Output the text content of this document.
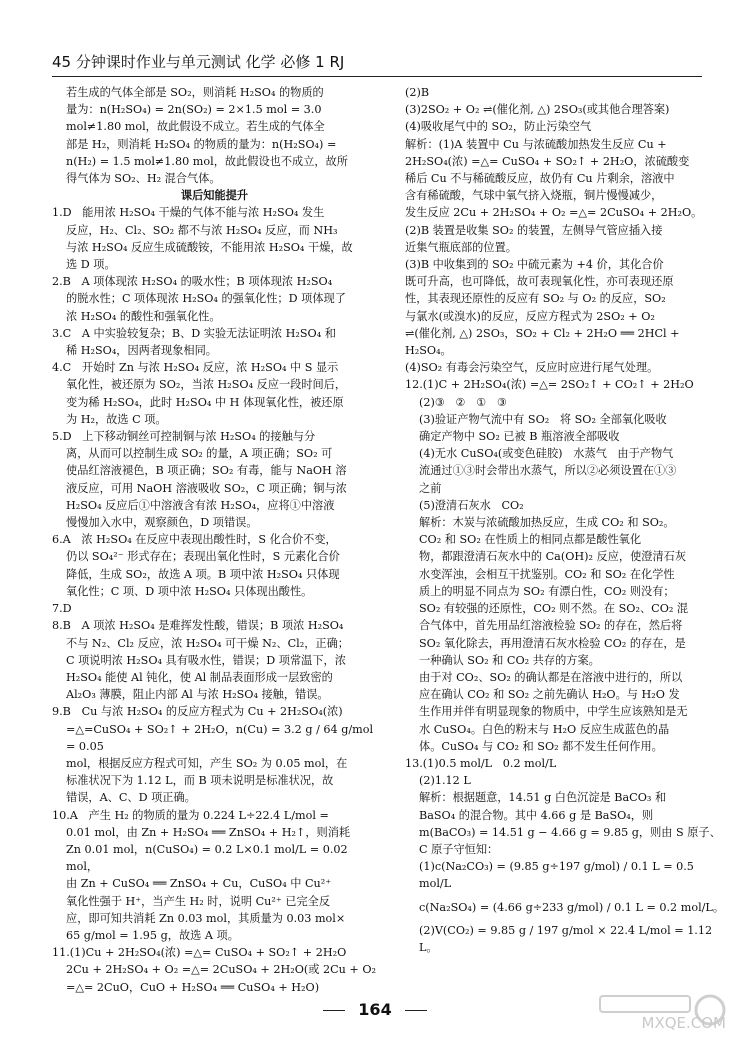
45 分钟课时作业与单元测试 化学 必修 1 RJ
若生成的气体全部是 SO₂，则消耗 H₂SO₄ 的物质的
量为：n(H₂SO₄) = 2n(SO₂) = 2×1.5 mol = 3.0
mol≠1.80 mol，故此假设不成立。若生成的气体全
部是 H₂，则消耗 H₂SO₄ 的物质的量为：n(H₂SO₄) =
n(H₂) = 1.5 mol≠1.80 mol，故此假设也不成立，故所
得气体为 SO₂、H₂ 混合气体。
课后知能提升
1.D   能用浓 H₂SO₄ 干燥的气体不能与浓 H₂SO₄ 发生
反应，H₂、Cl₂、SO₂ 都不与浓 H₂SO₄ 反应，而 NH₃
与浓 H₂SO₄ 反应生成硫酸铵，不能用浓 H₂SO₄ 干燥，故
选 D 项。
2.B   A 项体现浓 H₂SO₄ 的吸水性；B 项体现浓 H₂SO₄
的脱水性；C 项体现浓 H₂SO₄ 的强氧化性；D 项体现了
浓 H₂SO₄ 的酸性和强氧化性。
3.C   A 中实验较复杂；B、D 实验无法证明浓 H₂SO₄ 和
稀 H₂SO₄，因两者现象相同。
4.C   开始时 Zn 与浓 H₂SO₄ 反应，浓 H₂SO₄ 中 S 显示
氧化性，被还原为 SO₂，当浓 H₂SO₄ 反应一段时间后，
变为稀 H₂SO₄，此时 H₂SO₄ 中 H 体现氧化性，被还原
为 H₂，故选 C 项。
5.D   上下移动铜丝可控制铜与浓 H₂SO₄ 的接触与分
离，从而可以控制生成 SO₂ 的量，A 项正确；SO₂ 可
使品红溶液褪色，B 项正确；SO₂ 有毒，能与 NaOH 溶
液反应，可用 NaOH 溶液吸收 SO₂，C 项正确；铜与浓
H₂SO₄ 反应后①中溶液含有浓 H₂SO₄，应将①中溶液
慢慢加入水中，观察颜色，D 项错误。
6.A   浓 H₂SO₄ 在反应中表现出酸性时，S 化合价不变，
仍以 SO₄²⁻ 形式存在；表现出氧化性时，S 元素化合价
降低，生成 SO₂，故选 A 项。B 项中浓 H₂SO₄ 只体现
氧化性；C 项、D 项中浓 H₂SO₄ 只体现出酸性。
7.D
8.B   A 项浓 H₂SO₄ 是难挥发性酸，错误；B 项浓 H₂SO₄
不与 N₂、Cl₂ 反应，浓 H₂SO₄ 可干燥 N₂、Cl₂，正确；
C 项说明浓 H₂SO₄ 具有吸水性，错误；D 项常温下，浓
H₂SO₄ 能使 Al 钝化，使 Al 制品表面形成一层致密的
Al₂O₃ 薄膜，阻止内部 Al 与浓 H₂SO₄ 接触，错误。
9.B   Cu 与浓 H₂SO₄ 的反应方程式为 Cu + 2H₂SO₄(浓)
=△=CuSO₄ + SO₂↑ + 2H₂O，n(Cu) = 3.2 g / 64 g/mol = 0.05
mol，根据反应方程式可知，产生 SO₂ 为 0.05 mol，在
标准状况下为 1.12 L，而 B 项未说明是标准状况，故
错误，A、C、D 项正确。
10.A   产生 H₂ 的物质的量为 0.224 L÷22.4 L/mol =
0.01 mol，由 Zn + H₂SO₄ ══ ZnSO₄ + H₂↑，则消耗
Zn 0.01 mol，n(CuSO₄) = 0.2 L×0.1 mol/L = 0.02 mol，
由 Zn + CuSO₄ ══ ZnSO₄ + Cu，CuSO₄ 中 Cu²⁺
氧化性强于 H⁺，当产生 H₂ 时，说明 Cu²⁺ 已完全反
应，即可知共消耗 Zn 0.03 mol，其质量为 0.03 mol×
65 g/mol = 1.95 g，故选 A 项。
11.(1)Cu + 2H₂SO₄(浓) =△= CuSO₄ + SO₂↑ + 2H₂O
2Cu + 2H₂SO₄ + O₂ =△= 2CuSO₄ + 2H₂O(或 2Cu + O₂
=△= 2CuO，CuO + H₂SO₄ ══ CuSO₄ + H₂O)
(2)B
(3)2SO₂ + O₂ ⇌(催化剂, △) 2SO₃(或其他合理答案)
(4)吸收尾气中的 SO₂，防止污染空气
解析：(1)A 装置中 Cu 与浓硫酸加热发生反应 Cu +
2H₂SO₄(浓) =△= CuSO₄ + SO₂↑ + 2H₂O，浓硫酸变
稀后 Cu 不与稀硫酸反应，故仍有 Cu 片剩余，溶液中
含有稀硫酸，气球中氧气挤入烧瓶，铜片慢慢减少，
发生反应 2Cu + 2H₂SO₄ + O₂ =△= 2CuSO₄ + 2H₂O。
(2)B 装置是收集 SO₂ 的装置，左侧导气管应插入接
近集气瓶底部的位置。
(3)B 中收集到的 SO₂ 中硫元素为 +4 价，其化合价
既可升高，也可降低，故可表现氧化性，亦可表现还原
性，其表现还原性的反应有 SO₂ 与 O₂ 的反应，SO₂
与氯水(或溴水)的反应，反应方程式为 2SO₂ + O₂
⇌(催化剂, △) 2SO₃，SO₂ + Cl₂ + 2H₂O ══ 2HCl + H₂SO₄。
(4)SO₂ 有毒会污染空气，反应时应进行尾气处理。
12.(1)C + 2H₂SO₄(浓) =△= 2SO₂↑ + CO₂↑ + 2H₂O
(2)③   ②   ①   ③
(3)验证产物气流中有 SO₂   将 SO₂ 全部氧化吸收
确定产物中 SO₂ 已被 B 瓶溶液全部吸收
(4)无水 CuSO₄(或变色硅胶)   水蒸气   由于产物气
流通过①③时会带出水蒸气，所以②必须设置在①③
之前
(5)澄清石灰水   CO₂
解析：木炭与浓硫酸加热反应，生成 CO₂ 和 SO₂。
CO₂ 和 SO₂ 在性质上的相同点都是酸性氧化
物，都跟澄清石灰水中的 Ca(OH)₂ 反应，使澄清石灰
水变浑浊，会相互干扰鉴别。CO₂ 和 SO₂ 在化学性
质上的明显不同点为 SO₂ 有漂白性，CO₂ 则没有；
SO₂ 有较强的还原性，CO₂ 则不然。在 SO₂、CO₂ 混
合气体中，首先用品红溶液检验 SO₂ 的存在，然后将
SO₂ 氧化除去，再用澄清石灰水检验 CO₂ 的存在，是
一种确认 SO₂ 和 CO₂ 共存的方案。
由于对 CO₂、SO₂ 的确认都是在溶液中进行的，所以
应在确认 CO₂ 和 SO₂ 之前先确认 H₂O。与 H₂O 发
生作用并伴有明显现象的物质中，中学生应该熟知是无
水 CuSO₄。白色的粉末与 H₂O 反应生成蓝色的晶
体。CuSO₄ 与 CO₂ 和 SO₂ 都不发生任何作用。
13.(1)0.5 mol/L   0.2 mol/L
(2)1.12 L
解析：根据题意，14.51 g 白色沉淀是 BaCO₃ 和
BaSO₄ 的混合物。其中 4.66 g 是 BaSO₄，则
m(BaCO₃) = 14.51 g − 4.66 g = 9.85 g，则由 S 原子、
C 原子守恒知：
(1)c(Na₂CO₃) = (9.85 g÷197 g/mol) / 0.1 L = 0.5 mol/L
c(Na₂SO₄) = (4.66 g÷233 g/mol) / 0.1 L = 0.2 mol/L。
(2)V(CO₂) = 9.85 g / 197 g/mol × 22.4 L/mol = 1.12 L。
164
MXQE.COM
